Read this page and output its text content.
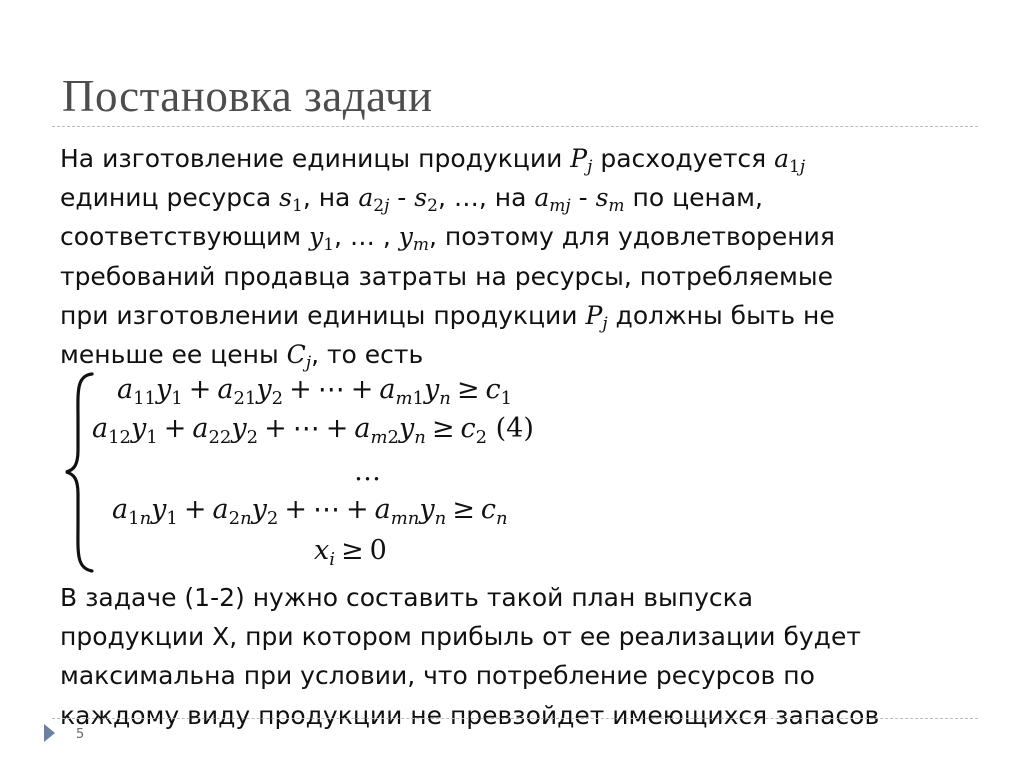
Постановка задачи
На изготовление единицы продукции $P_j$ расходуется $a_{1j}$
единиц ресурса $s_1$, на $a_{2j} - s_2$, …, на $a_{mj} - s_m$ по ценам,
соответствующим $y_1$, … , $y_m$, поэтому для удовлетворения
требований продавца затраты на ресурсы, потребляемые
при изготовлении единицы продукции $P_j$ должны быть не
меньше ее цены $C_j$, то есть
$a_{11}y_1 + a_{21}y_2$ + ⋯ + $a_{m1}y_n \ge c_1$
$a_{12}y_1 + a_{22}y_2$ + ⋯ + $a_{m2}y_n \ge c_2$ (4)
…
$a_{1n}y_1 + a_{2n}y_2$ + ⋯ + $a_{mn}y_n \ge c_n$
$x_i \ge 0$
В задаче (1-2) нужно составить такой план выпуска
продукции Х, при котором прибыль от ее реализации будет
максимальна при условии, что потребление ресурсов по
каждому виду продукции не превзойдет имеющихся запасов
5
